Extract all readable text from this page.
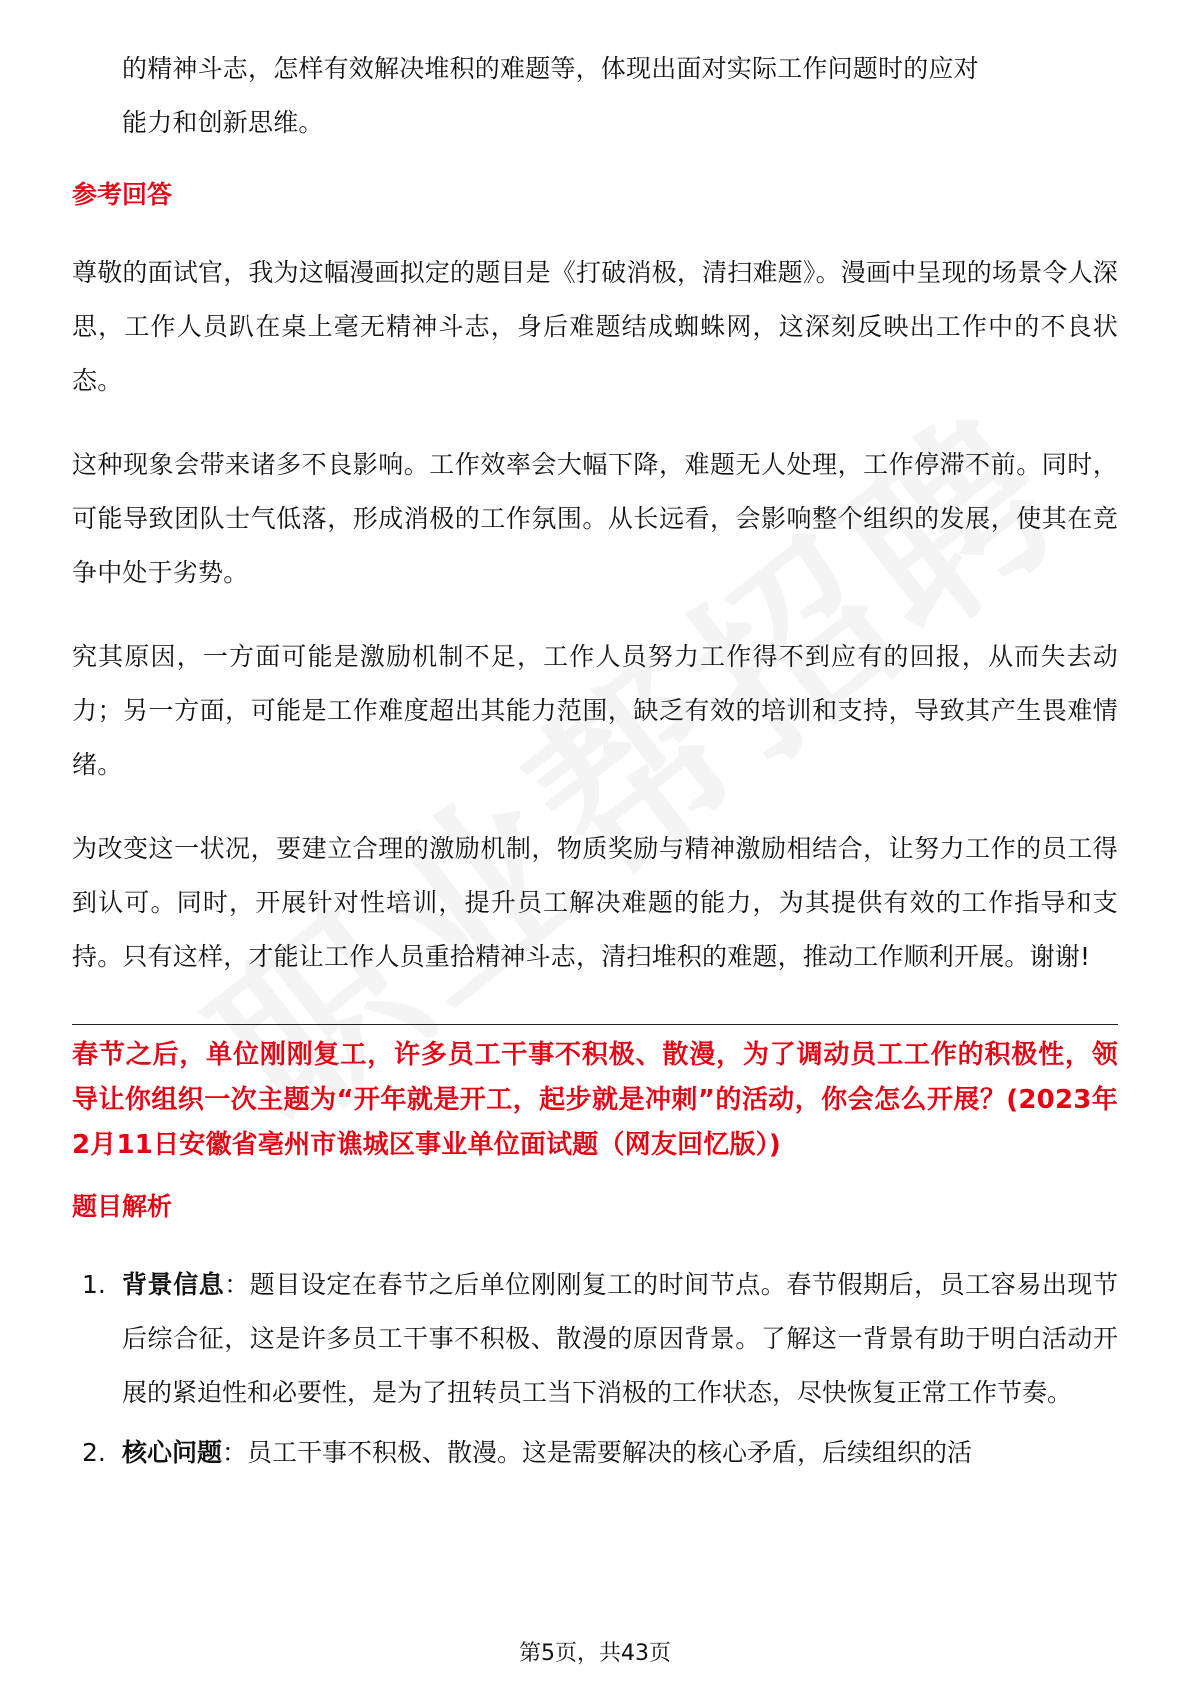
的精神斗志，怎样有效解决堆积的难题等，体现出面对实际工作问题时的应对

能力和创新思维。

参考回答

尊敬的面试官，我为这幅漫画拟定的题目是《打破消极，清扫难题》。漫画中呈现的场景令人深思，工作人员趴在桌上毫无精神斗志，身后难题结成蜘蛛网，这深刻反映出工作中的不良状态。

这种现象会带来诸多不良影响。工作效率会大幅下降，难题无人处理，工作停滞不前。同时，可能导致团队士气低落，形成消极的工作氛围。从长远看，会影响整个组织的发展，使其在竞争中处于劣势。

究其原因，一方面可能是激励机制不足，工作人员努力工作得不到应有的回报，从而失去动力；另一方面，可能是工作难度超出其能力范围，缺乏有效的培训和支持，导致其产生畏难情绪。

为改变这一状况，要建立合理的激励机制，物质奖励与精神激励相结合，让努力工作的员工得到认可。同时，开展针对性培训，提升员工解决难题的能力，为其提供有效的工作指导和支持。只有这样，才能让工作人员重拾精神斗志，清扫堆积的难题，推动工作顺利开展。谢谢!

春节之后，单位刚刚复工，许多员工干事不积极、散漫，为了调动员工工作的积极性，领导让你组织一次主题为“开年就是开工，起步就是冲刺”的活动，你会怎么开展？(2023年2月11日安徽省亳州市谯城区事业单位面试题（网友回忆版）)

题目解析
1. 背景信息：题目设定在春节之后单位刚刚复工的时间节点。春节假期后，员工容易出现节后综合征，这是许多员工干事不积极、散漫的原因背景。了解这一背景有助于明白活动开展的紧迫性和必要性，是为了扭转员工当下消极的工作状态，尽快恢复正常工作节奏。
2. 核心问题：员工干事不积极、散漫。这是需要解决的核心矛盾，后续组织的活
第5页，共43页
